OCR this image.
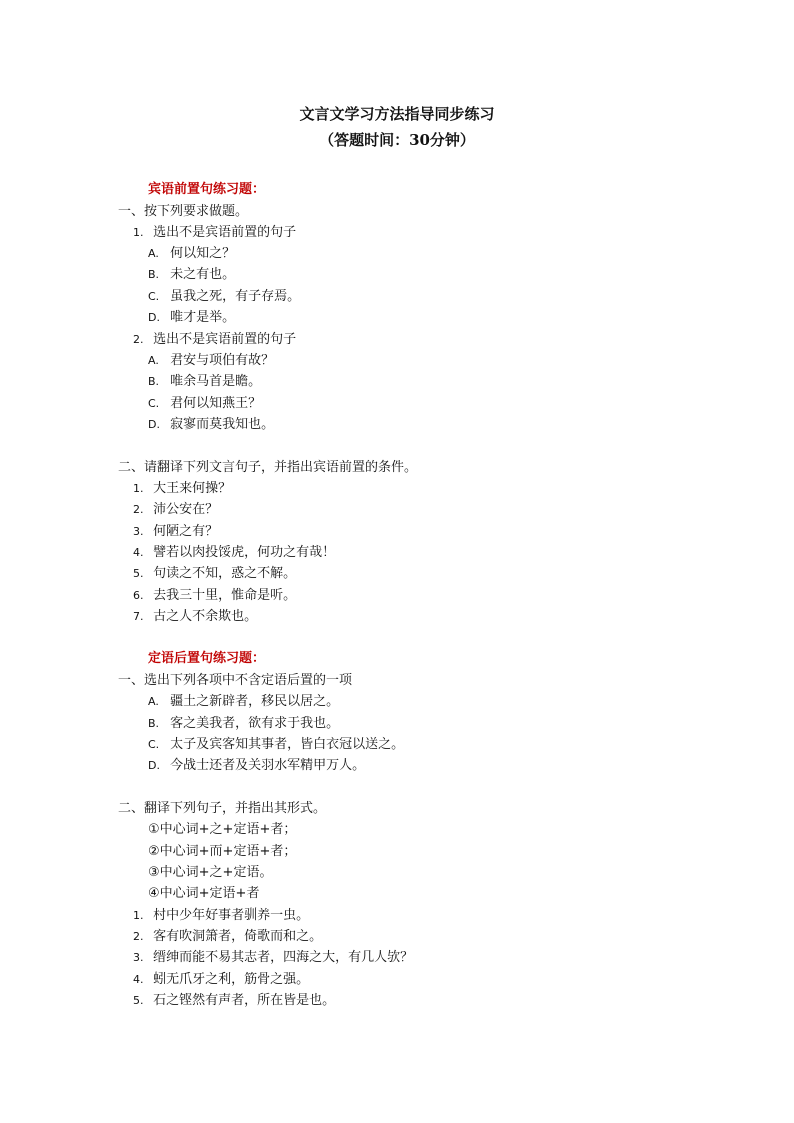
文言文学习方法指导同步练习
（答题时间：30分钟）
宾语前置句练习题：
一、按下列要求做题。
1. 选出不是宾语前置的句子
A. 何以知之？
B. 未之有也。
C. 虽我之死，有子存焉。
D. 唯才是举。
2. 选出不是宾语前置的句子
A. 君安与项伯有故？
B. 唯余马首是瞻。
C. 君何以知燕王？
D. 寂寥而莫我知也。
二、请翻译下列文言句子，并指出宾语前置的条件。
1. 大王来何操？
2. 沛公安在？
3. 何陋之有？
4. 譬若以肉投馁虎，何功之有哉！
5. 句读之不知，惑之不解。
6. 去我三十里，惟命是听。
7. 古之人不余欺也。
定语后置句练习题：
一、选出下列各项中不含定语后置的一项
A. 疆土之新辟者，移民以居之。
B. 客之美我者，欲有求于我也。
C. 太子及宾客知其事者，皆白衣冠以送之。
D. 今战士还者及关羽水军精甲万人。
二、翻译下列句子，并指出其形式。
①中心词+之+定语+者；
②中心词+而+定语+者；
③中心词+之+定语。
④中心词+定语+者
1. 村中少年好事者驯养一虫。
2. 客有吹洞箫者，倚歌而和之。
3. 缙绅而能不易其志者，四海之大，有几人欤？
4. 蚓无爪牙之利，筋骨之强。
5. 石之铿然有声者，所在皆是也。
